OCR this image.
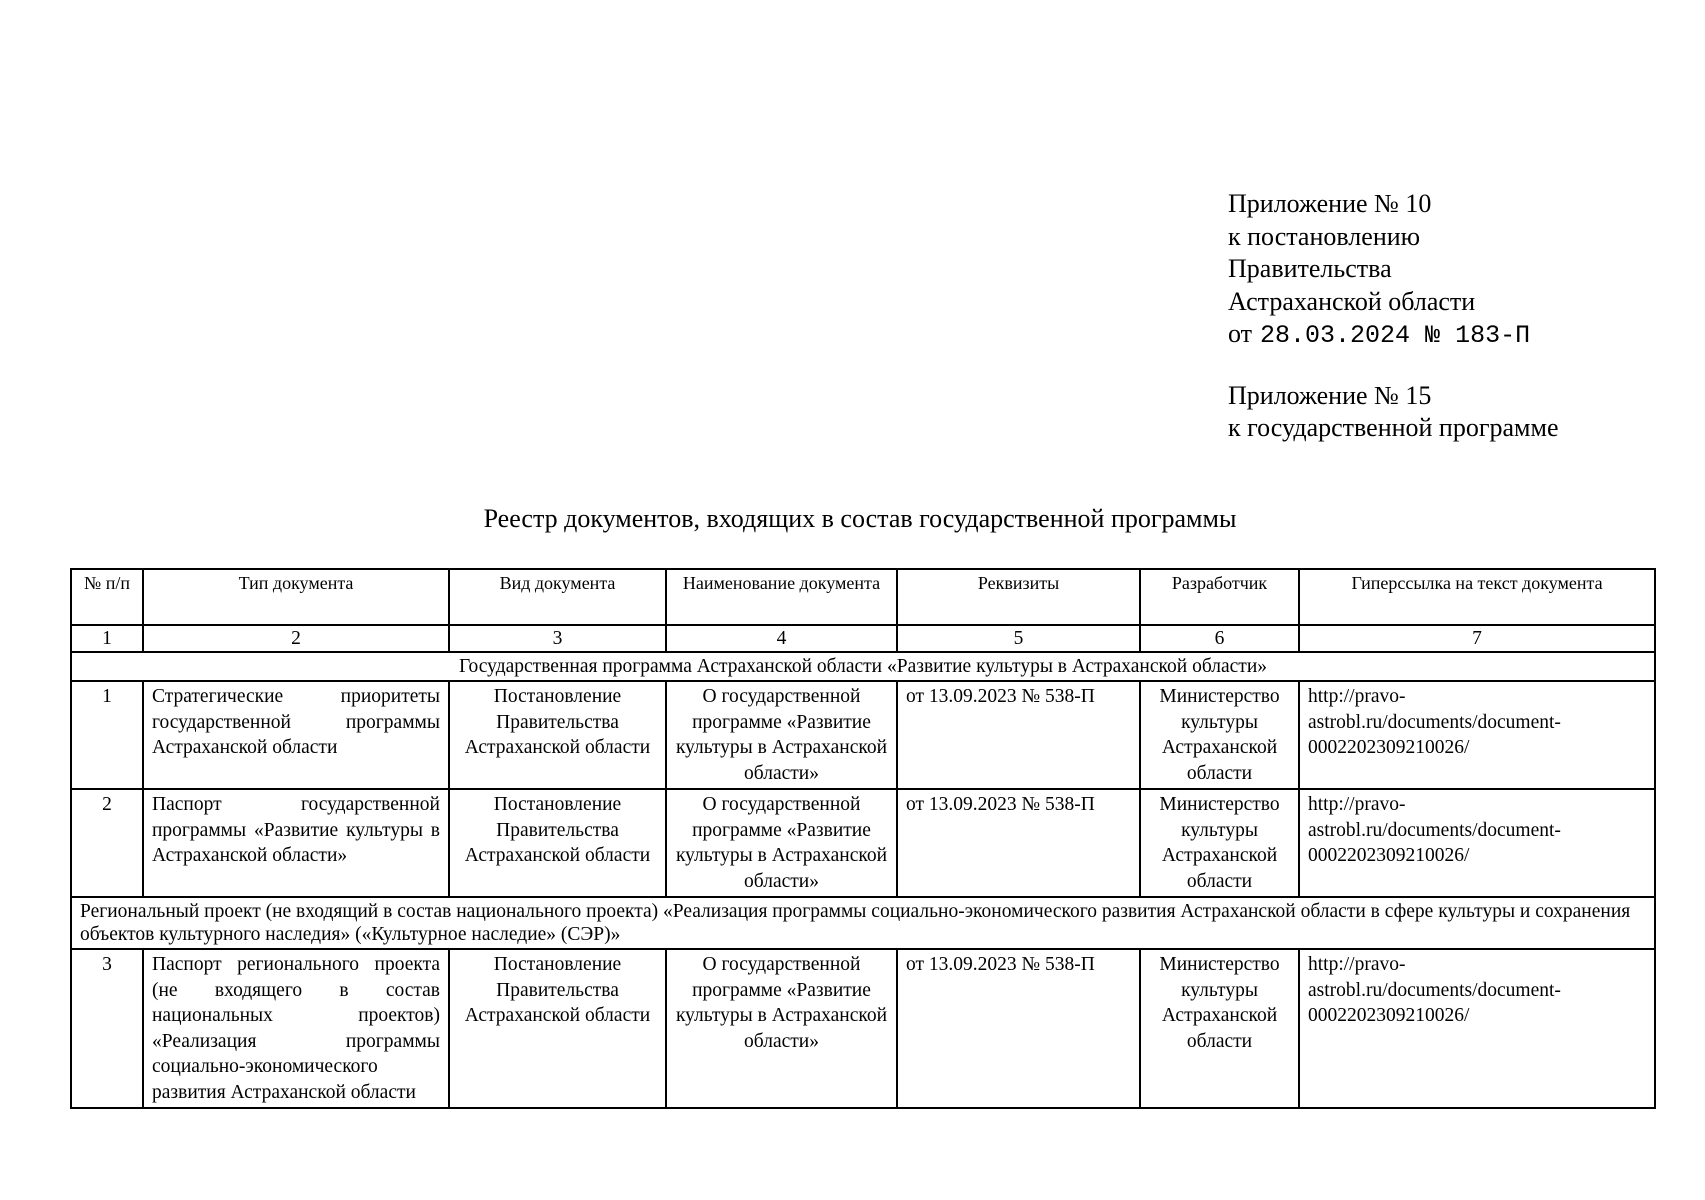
Приложение № 10
к постановлению
Правительства
Астраханской области
от 28.03.2024 № 183-П
Приложение № 15
к государственной программе
Реестр документов, входящих в состав государственной программы
№ п/п	Тип документа	Вид документа	Наименование документа	Реквизиты	Разработчик	Гиперссылка на текст документа
1	2	3	4	5	6	7
Государственная программа Астраханской области «Развитие культуры в Астраханской области»						
1	Стратегические приоритеты государственной программы Астраханской области	Постановление Правительства Астраханской области	О государственной программе «Развитие культуры в Астраханской области»	от 13.09.2023 № 538-П	Министерство культуры Астраханской области	http://pravo-astrobl.ru/documents/document-0002202309210026/
2	Паспорт государственной программы «Развитие культуры в Астраханской области»	Постановление Правительства Астраханской области	О государственной программе «Развитие культуры в Астраханской области»	от 13.09.2023 № 538-П	Министерство культуры Астраханской области	http://pravo-astrobl.ru/documents/document-0002202309210026/
Региональный проект (не входящий в состав национального проекта) «Реализация программы социально-экономического развития Астраханской области в сфере культуры и сохранения объектов культурного наследия» («Культурное наследие» (СЭР)»						
3	Паспорт регионального проекта (не входящего в состав национальных проектов) «Реализация программы социально-экономического развития Астраханской области	Постановление Правительства Астраханской области	О государственной программе «Развитие культуры в Астраханской области»	от 13.09.2023 № 538-П	Министерство культуры Астраханской области	http://pravo-astrobl.ru/documents/document-0002202309210026/
